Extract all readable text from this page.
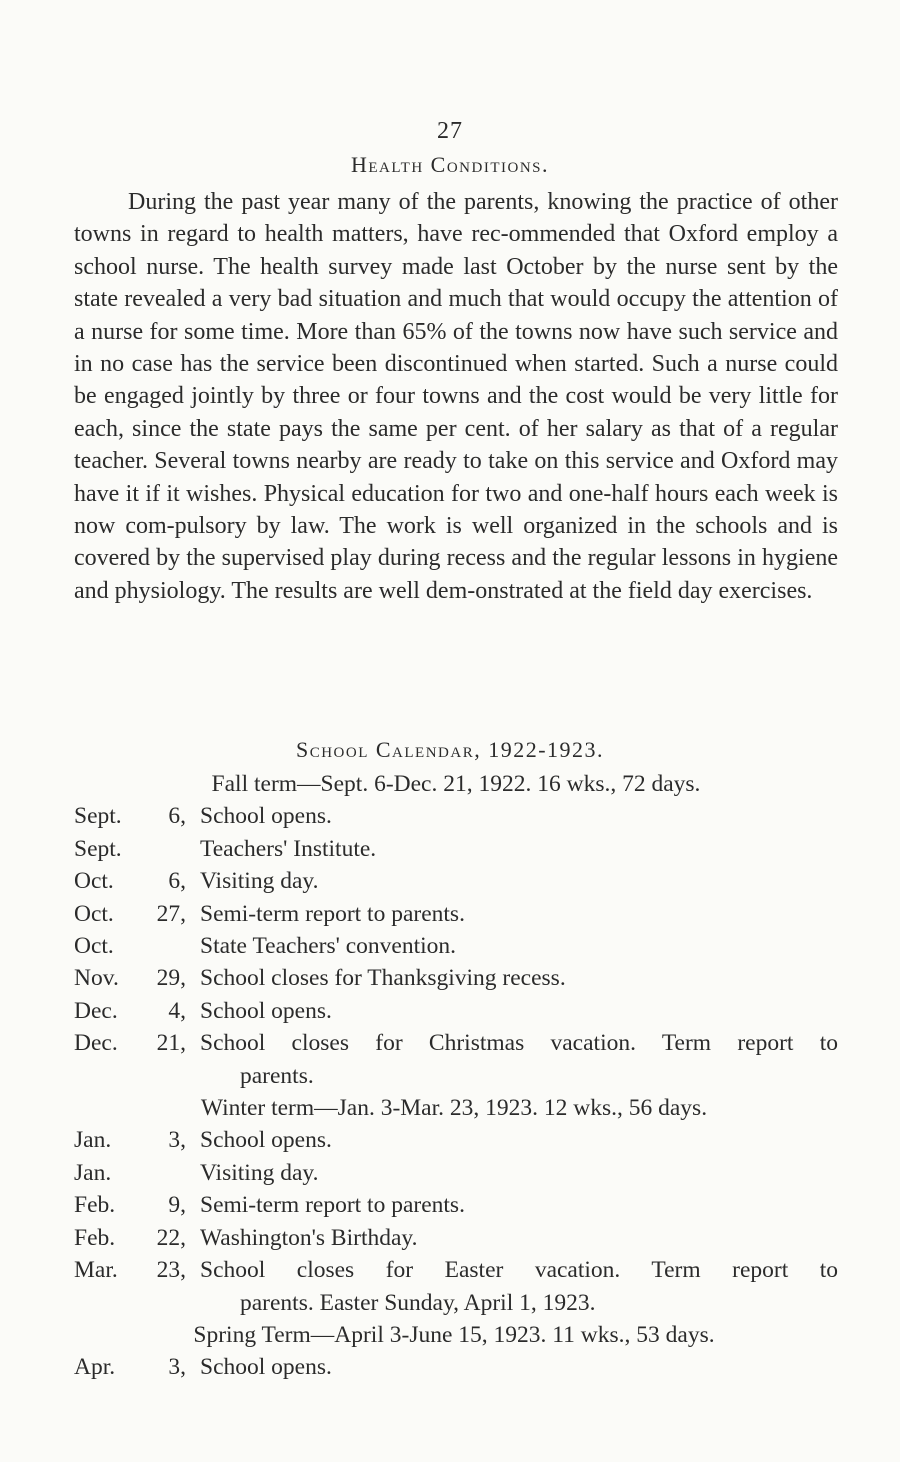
27
Health Conditions.

During the past year many of the parents, knowing the practice of other towns in regard to health matters, have rec-ommended that Oxford employ a school nurse. The health survey made last October by the nurse sent by the state revealed a very bad situation and much that would occupy the attention of a nurse for some time. More than 65% of the towns now have such service and in no case has the service been discontinued when started. Such a nurse could be engaged jointly by three or four towns and the cost would be very little for each, since the state pays the same per cent. of her salary as that of a regular teacher. Several towns nearby are ready to take on this service and Oxford may have it if it wishes. Physical education for two and one-half hours each week is now com-pulsory by law. The work is well organized in the schools and is covered by the supervised play during recess and the regular lessons in hygiene and physiology. The results are well dem-onstrated at the field day exercises.

School Calendar, 1922-1923.
Fall term—Sept. 6-Dec. 21, 1922. 16 wks., 72 days.
Sept.	6, School opens.
Sept.	Teachers' Institute.
Oct.	6, Visiting day.
Oct.	27, Semi-term report to parents.
Oct.	State Teachers' convention.
Nov.	29, School closes for Thanksgiving recess.
Dec.	4, School opens.
Dec.	21, School closes for Christmas vacation. Term report to
parents.
Winter term—Jan. 3-Mar. 23, 1923. 12 wks., 56 days.
Jan.	3, School opens.
Jan.	Visiting day.
Feb.	9, Semi-term report to parents.
Feb.	22, Washington's Birthday.
Mar.	23, School closes for Easter vacation. Term report to
parents. Easter Sunday, April 1, 1923.
Spring Term—April 3-June 15, 1923. 11 wks., 53 days.
Apr.	3, School opens.
